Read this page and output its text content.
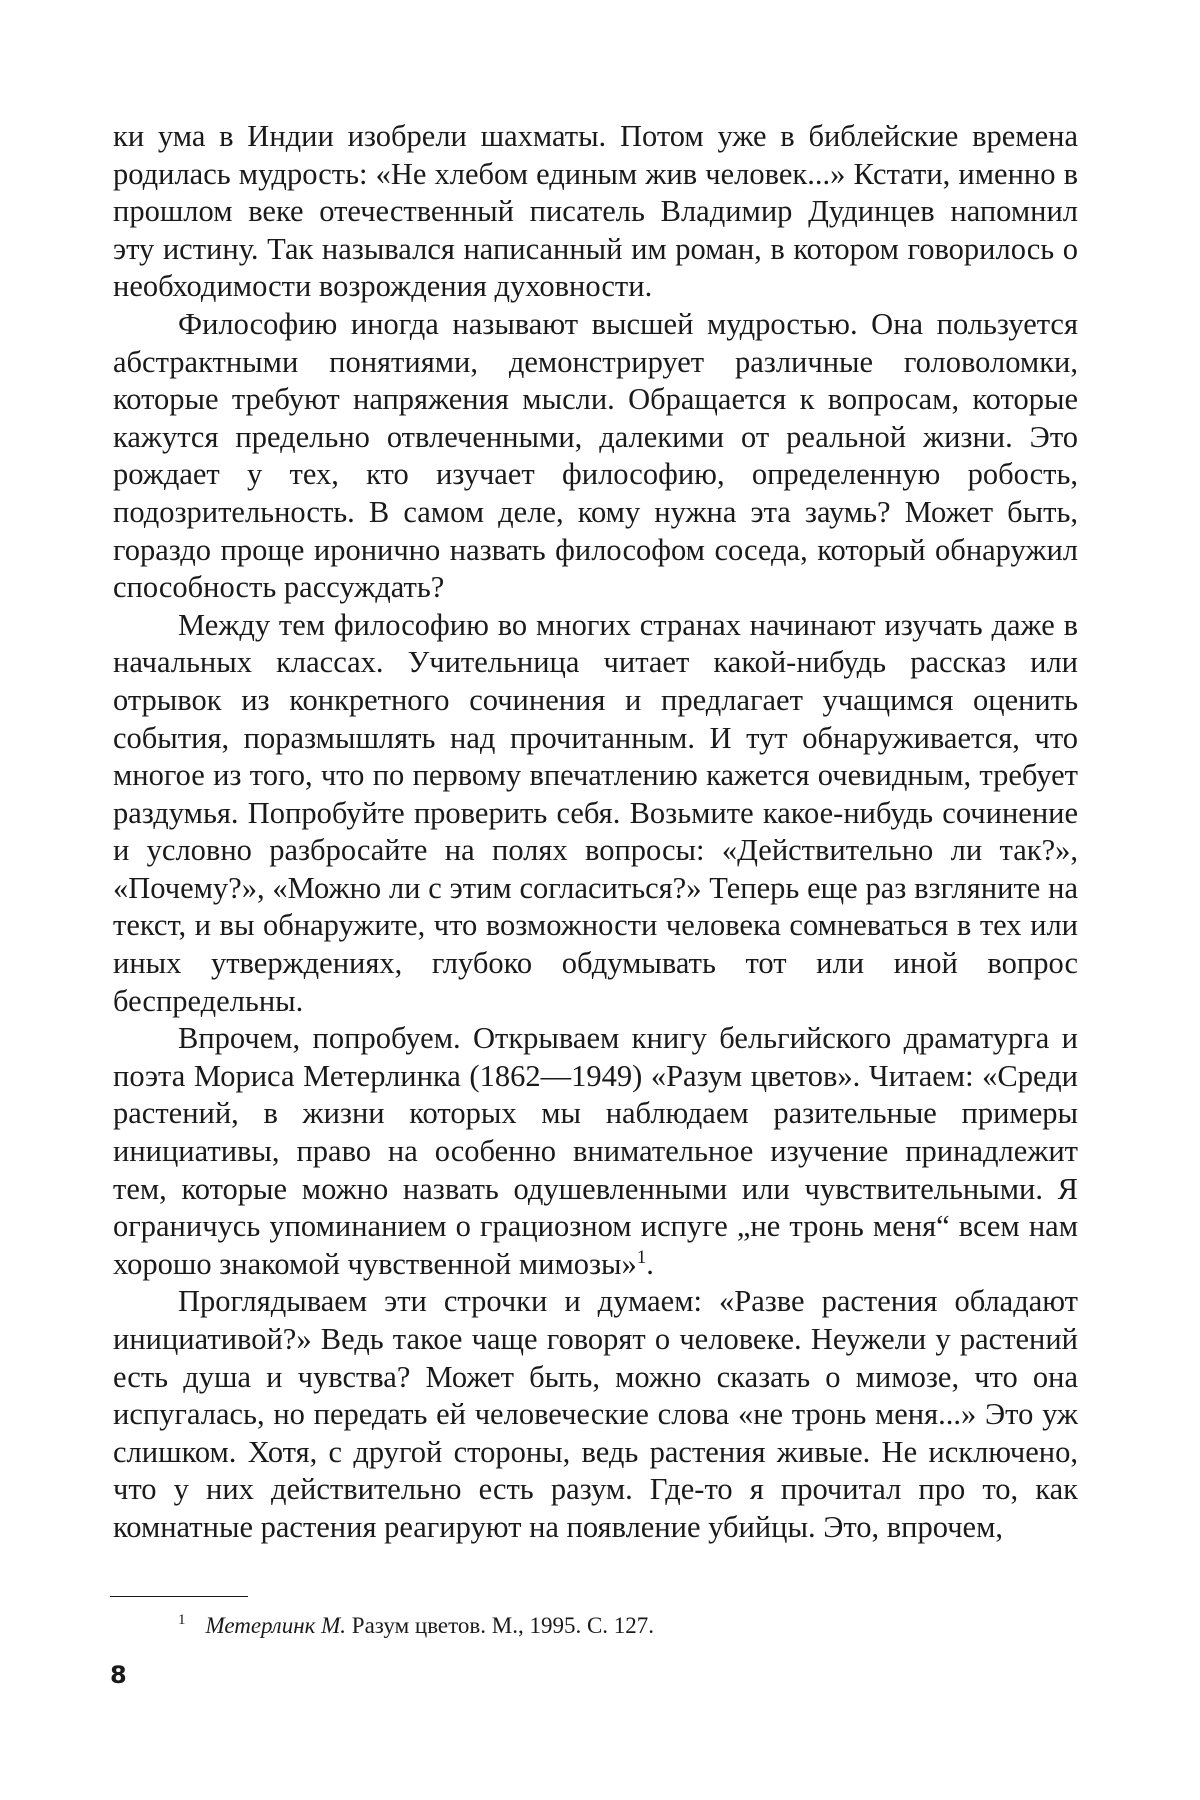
ки ума в Индии изобрели шахматы. Потом уже в библейские времена родилась мудрость: «Не хлебом единым жив человек...» Кстати, именно в прошлом веке отечественный писатель Владимир Дудинцев напомнил эту истину. Так назывался написанный им роман, в котором говорилось о необходимости возрождения духовности.

Философию иногда называют высшей мудростью. Она пользуется абстрактными понятиями, демонстрирует различные головоломки, которые требуют напряжения мысли. Обращается к вопросам, которые кажутся предельно отвлеченными, далекими от реальной жизни. Это рождает у тех, кто изучает философию, определенную робость, подозрительность. В самом деле, кому нужна эта заумь? Может быть, гораздо проще иронично назвать философом соседа, который обнаружил способность рассуждать?

Между тем философию во многих странах начинают изучать даже в начальных классах. Учительница читает какой-нибудь рассказ или отрывок из конкретного сочинения и предлагает учащимся оценить события, поразмышлять над прочитанным. И тут обнаруживается, что многое из того, что по первому впечатлению кажется очевидным, требует раздумья. Попробуйте проверить себя. Возьмите какое-нибудь сочинение и условно разбросайте на полях вопросы: «Действительно ли так?», «Почему?», «Можно ли с этим согласиться?» Теперь еще раз взгляните на текст, и вы обнаружите, что возможности человека сомневаться в тех или иных утверждениях, глубоко обдумывать тот или иной вопрос беспредельны.

Впрочем, попробуем. Открываем книгу бельгийского драматурга и поэта Мориса Метерлинка (1862—1949) «Разум цветов». Читаем: «Среди растений, в жизни которых мы наблюдаем разительные примеры инициативы, право на особенно внимательное изучение принадлежит тем, которые можно назвать одушевленными или чувствительными. Я ограничусь упоминанием о грациозном испуге „не тронь меня“ всем нам хорошо знакомой чувственной мимозы»$^1$.

Проглядываем эти строчки и думаем: «Разве растения обладают инициативой?» Ведь такое чаще говорят о человеке. Неужели у растений есть душа и чувства? Может быть, можно сказать о мимозе, что она испугалась, но передать ей человеческие слова «не тронь меня...» Это уж слишком. Хотя, с другой стороны, ведь растения живые. Не исключено, что у них действительно есть разум. Где-то я прочитал про то, как комнатные растения реагируют на появление убийцы. Это, впрочем,

$^1$ Метерлинк М. Разум цветов. М., 1995. С. 127.
8
